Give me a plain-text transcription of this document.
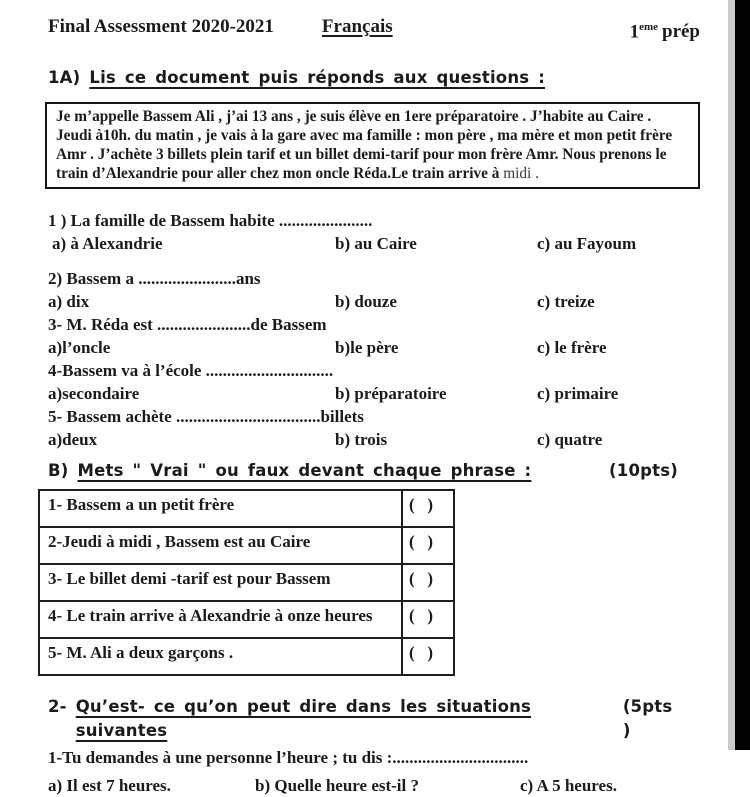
Final Assessment 2020-2021	Français	1eme prép
1A) Lis ce document puis réponds aux questions :
Je m’appelle Bassem Ali , j’ai 13 ans , je suis élève en 1ere préparatoire . J’habite au Caire . Jeudi à10h. du matin , je vais à la gare avec ma famille : mon père , ma mère et mon petit frère Amr . J’achète 3 billets plein tarif et un billet demi-tarif pour mon frère Amr. Nous prenons le train d’Alexandrie pour aller chez mon oncle Réda.Le train arrive à midi .
1 ) La famille de Bassem habite ......................
a) à Alexandrie	b) au Caire	c) au Fayoum
2) Bassem a .......................ans
a) dix	b) douze	c) treize
3- M. Réda est ......................de Bassem
a)l’oncle	b)le père	c) le frère
4-Bassem va à l’école ..............................
a)secondaire	b) préparatoire	c) primaire
5- Bassem achète ..................................billets
a)deux	b) trois	c) quatre
B)
Mets " Vrai " ou faux devant chaque phrase :	(10pts)
1- Bassem a un petit frère	(   )
2-Jeudi à midi , Bassem est au Caire	(   )
3- Le billet demi -tarif est pour Bassem	(   )
4- Le train arrive à Alexandrie à onze heures	(   )
5- M. Ali a deux garçons .	(   )
2-
Qu’est- ce qu’on peut dire dans les situations suivantes
(5pts )
1-Tu demandes à une personne l’heure ; tu dis :................................
a) Il est 7 heures.	b) Quelle heure est-il ?	c) A 5 heures.
